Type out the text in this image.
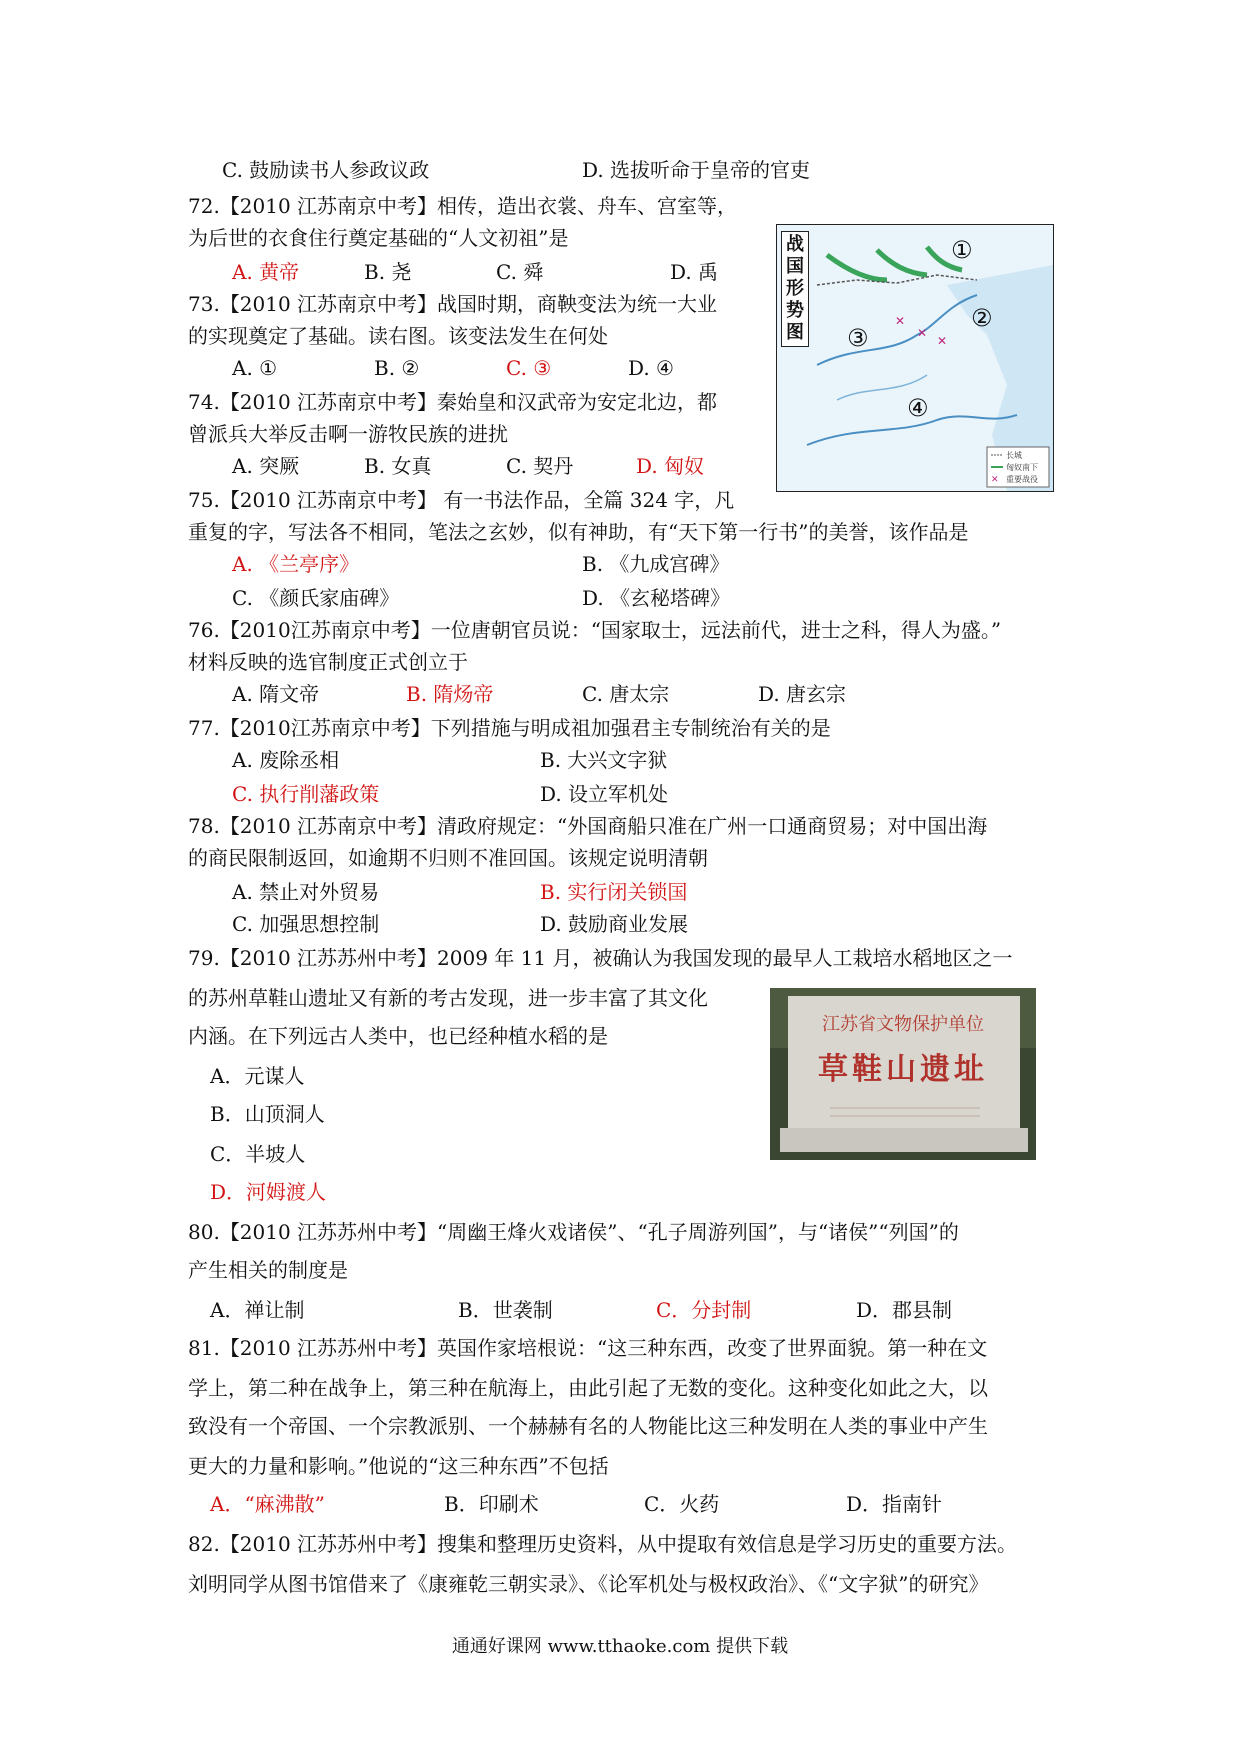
C. 鼓励读书人参政议政	D. 选拔听命于皇帝的官吏
72.【2010 江苏南京中考】相传，造出衣裳、舟车、宫室等，
为后世的衣食住行奠定基础的“人文初祖”是
A. 黄帝	B. 尧	C. 舜	D. 禹
73.【2010 江苏南京中考】战国时期，商鞅变法为统一大业
的实现奠定了基础。读右图。该变法发生在何处
A. ①	B. ②	C. ③	D. ④
74.【2010 江苏南京中考】秦始皇和汉武帝为安定北边，都
曾派兵大举反击啊一游牧民族的进扰
A. 突厥	B. 女真	C. 契丹	D. 匈奴
75.【2010 江苏南京中考】 有一书法作品，全篇 324 字，凡
重复的字，写法各不相同，笔法之玄妙，似有神助，有“天下第一行书”的美誉，该作品是
A. 《兰亭序》	B. 《九成宫碑》
C. 《颜氏家庙碑》	D. 《玄秘塔碑》
76.【2010江苏南京中考】一位唐朝官员说：“国家取士，远法前代，进士之科，得人为盛。”
材料反映的选官制度正式创立于
A. 隋文帝	B. 隋炀帝	C. 唐太宗	D. 唐玄宗
77.【2010江苏南京中考】下列措施与明成祖加强君主专制统治有关的是
A. 废除丞相	B. 大兴文字狱
C. 执行削藩政策	D. 设立军机处
78.【2010 江苏南京中考】清政府规定：“外国商船只准在广州一口通商贸易；对中国出海
的商民限制返回，如逾期不归则不准回国。该规定说明清朝
A. 禁止对外贸易	B. 实行闭关锁国
C. 加强思想控制	D. 鼓励商业发展
79.【2010 江苏苏州中考】2009 年 11 月，被确认为我国发现的最早人工栽培水稻地区之一
的苏州草鞋山遗址又有新的考古发现，进一步丰富了其文化
内涵。在下列远古人类中，也已经种植水稻的是
A．元谋人
B．山顶洞人
C．半坡人
D．河姆渡人
80.【2010 江苏苏州中考】“周幽王烽火戏诸侯”、“孔子周游列国”，与“诸侯”“列国”的
产生相关的制度是
A．禅让制	B．世袭制	C．分封制	D．郡县制
81.【2010 江苏苏州中考】英国作家培根说：“这三种东西，改变了世界面貌。第一种在文
学上，第二种在战争上，第三种在航海上，由此引起了无数的变化。这种变化如此之大，以
致没有一个帝国、一个宗教派别、一个赫赫有名的人物能比这三种发明在人类的事业中产生
更大的力量和影响。”他说的“这三种东西”不包括
A．“麻沸散”	B．印刷术	C．火药	D．指南针
82.【2010 江苏苏州中考】搜集和整理历史资料，从中提取有效信息是学习历史的重要方法。
刘明同学从图书馆借来了《康雍乾三朝实录》、《论军机处与极权政治》、《“文字狱”的研究》
✕
✕
✕
✕
长城
匈奴南下
重要战役
①
②
③
④
战国形势图
江苏省文物保护单位
草鞋山遗址
通通好课网 www.tthaoke.com 提供下载
